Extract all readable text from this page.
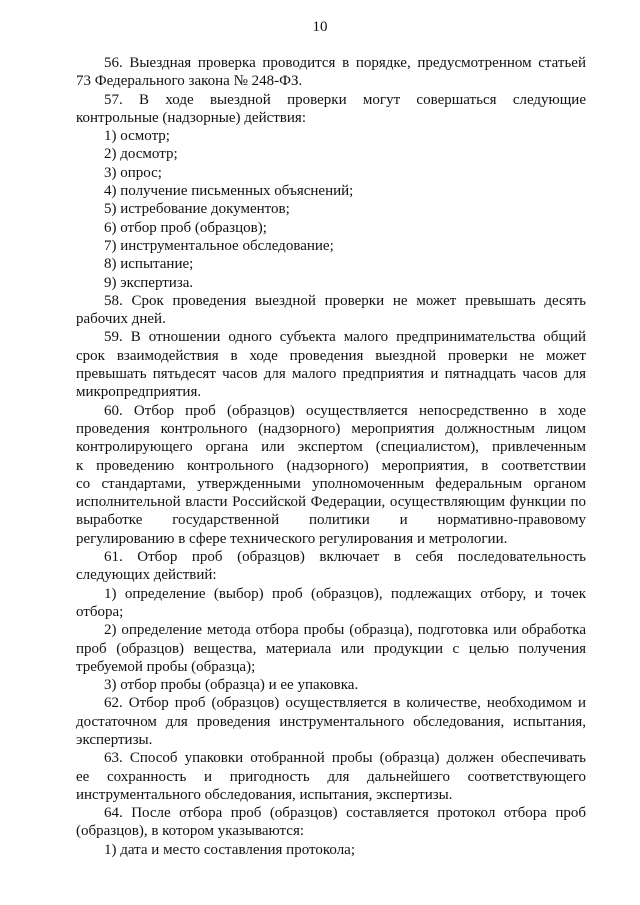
10
56. Выездная проверка проводится в порядке, предусмотренном статьей
73 Федерального закона № 248-ФЗ.
57. В ходе выездной проверки могут совершаться следующие
контрольные (надзорные) действия:
1) осмотр;
2) досмотр;
3) опрос;
4) получение письменных объяснений;
5) истребование документов;
6) отбор проб (образцов);
7) инструментальное обследование;
8) испытание;
9) экспертиза.
58. Срок проведения выездной проверки не может превышать десять
рабочих дней.
59. В отношении одного субъекта малого предпринимательства общий
срок взаимодействия в ходе проведения выездной проверки не может
превышать пятьдесят часов для малого предприятия и пятнадцать часов для
микропредприятия.
60. Отбор проб (образцов) осуществляется непосредственно в ходе
проведения контрольного (надзорного) мероприятия должностным лицом
контролирующего органа или экспертом (специалистом), привлеченным
к проведению контрольного (надзорного) мероприятия, в соответствии
со стандартами, утвержденными уполномоченным федеральным органом
исполнительной власти Российской Федерации, осуществляющим функции по
выработке государственной политики и нормативно-правовому
регулированию в сфере технического регулирования и метрологии.
61. Отбор проб (образцов) включает в себя последовательность
следующих действий:
1) определение (выбор) проб (образцов), подлежащих отбору, и точек
отбора;
2) определение метода отбора пробы (образца), подготовка или обработка
проб (образцов) вещества, материала или продукции с целью получения
требуемой пробы (образца);
3) отбор пробы (образца) и ее упаковка.
62. Отбор проб (образцов) осуществляется в количестве, необходимом и
достаточном для проведения инструментального обследования, испытания,
экспертизы.
63. Способ упаковки отобранной пробы (образца) должен обеспечивать
ее сохранность и пригодность для дальнейшего соответствующего
инструментального обследования, испытания, экспертизы.
64. После отбора проб (образцов) составляется протокол отбора проб
(образцов), в котором указываются:
1) дата и место составления протокола;
